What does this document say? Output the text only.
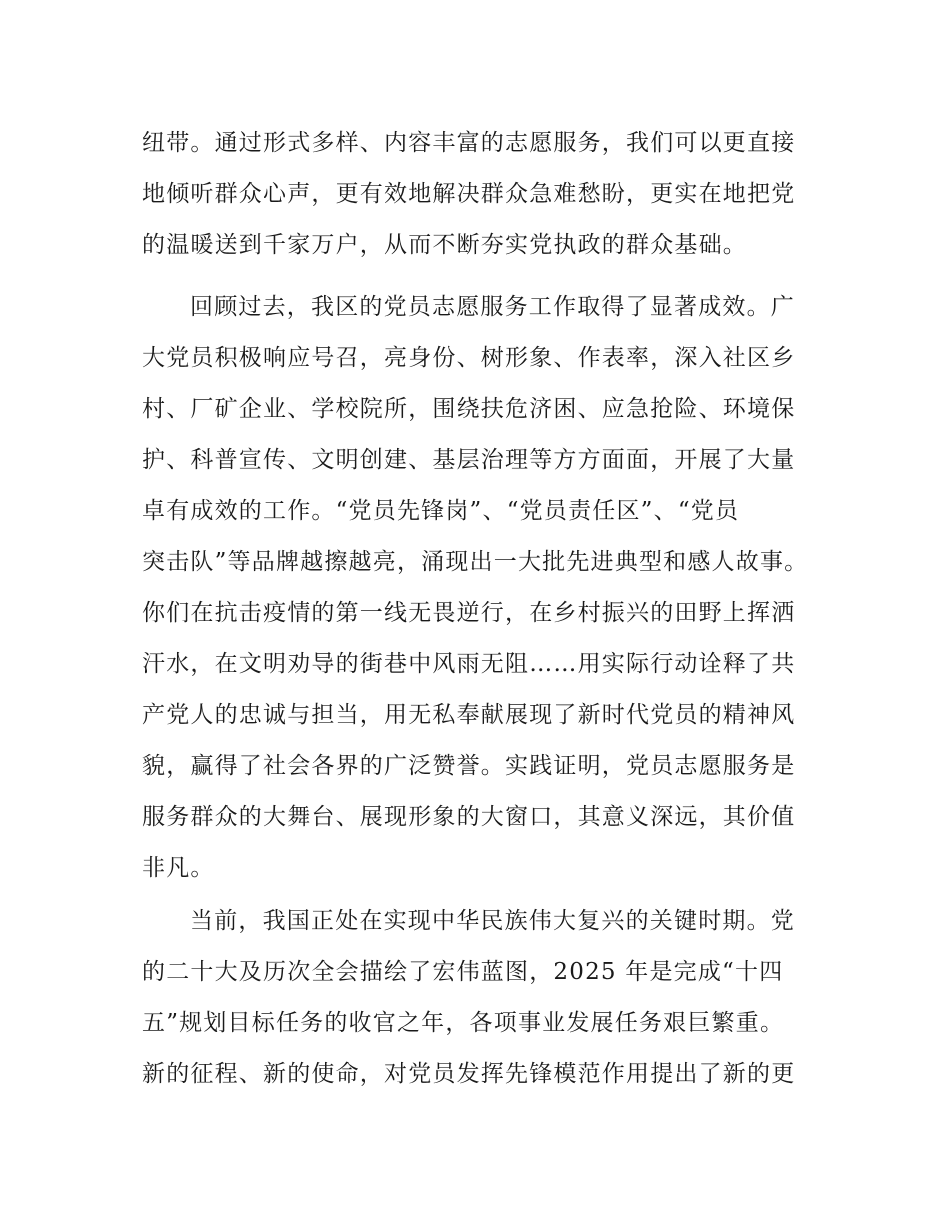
纽带。通过形式多样、内容丰富的志愿服务，我们可以更直接
地倾听群众心声，更有效地解决群众急难愁盼，更实在地把党
的温暖送到千家万户，从而不断夯实党执政的群众基础。
回顾过去，我区的党员志愿服务工作取得了显著成效。广
大党员积极响应号召，亮身份、树形象、作表率，深入社区乡
村、厂矿企业、学校院所，围绕扶危济困、应急抢险、环境保
护、科普宣传、文明创建、基层治理等方方面面，开展了大量
卓有成效的工作。“党员先锋岗”、“党员责任区”、“党员
突击队”等品牌越擦越亮，涌现出一大批先进典型和感人故事。
你们在抗击疫情的第一线无畏逆行，在乡村振兴的田野上挥洒
汗水，在文明劝导的街巷中风雨无阻……用实际行动诠释了共
产党人的忠诚与担当，用无私奉献展现了新时代党员的精神风
貌，赢得了社会各界的广泛赞誉。实践证明，党员志愿服务是
服务群众的大舞台、展现形象的大窗口，其意义深远，其价值
非凡。
当前，我国正处在实现中华民族伟大复兴的关键时期。党
的二十大及历次全会描绘了宏伟蓝图，2025 年是完成“十四
五”规划目标任务的收官之年，各项事业发展任务艰巨繁重。
新的征程、新的使命，对党员发挥先锋模范作用提出了新的更
